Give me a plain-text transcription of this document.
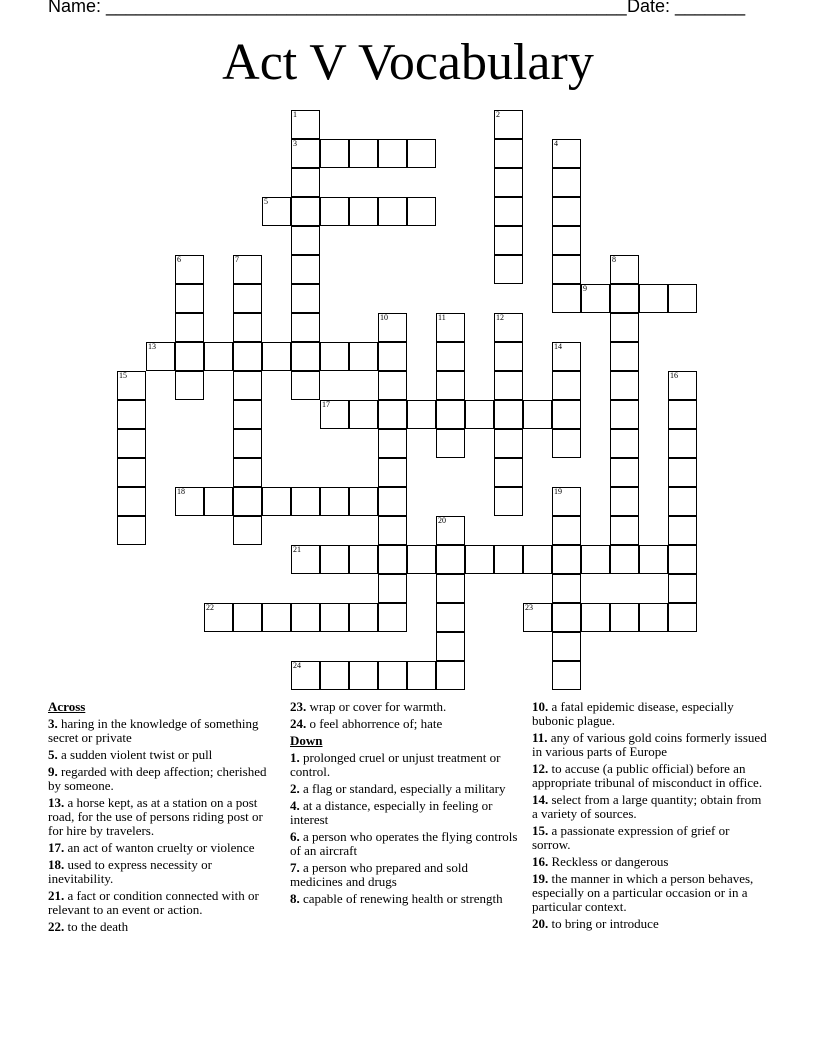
Name: ____________________________________________________ Date: _______
Act V Vocabulary
1	2
3	4
5
6	7	8
9
10	11	12
13	14
15	16
17
18	19
20
21
22	23
24
Across
3. haring in the knowledge of something secret or private
5. a sudden violent twist or pull
9. regarded with deep affection; cherished by someone.
13. a horse kept, as at a station on a post road, for the use of persons riding post or for hire by travelers.
17. an act of wanton cruelty or violence
18. used to express necessity or inevitability.
21. a fact or condition connected with or relevant to an event or action.
22. to the death
23. wrap or cover for warmth.
24. o feel abhorrence of; hate
Down
1. prolonged cruel or unjust treatment or control.
2. a flag or standard, especially a military
4. at a distance, especially in feeling or interest
6. a person who operates the flying controls of an aircraft
7. a person who prepared and sold medicines and drugs
8. capable of renewing health or strength
10. a fatal epidemic disease, especially bubonic plague.
11. any of various gold coins formerly issued in various parts of Europe
12. to accuse (a public official) before an appropriate tribunal of misconduct in office.
14. select from a large quantity; obtain from a variety of sources.
15. a passionate expression of grief or sorrow.
16. Reckless or dangerous
19. the manner in which a person behaves, especially on a particular occasion or in a particular context.
20. to bring or introduce
